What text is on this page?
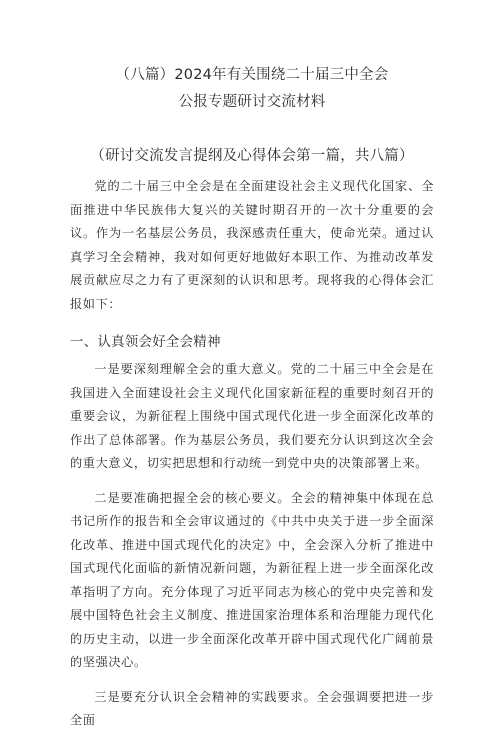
（八篇）2024年有关围绕二十届三中全会
公报专题研讨交流材料
（研讨交流发言提纲及心得体会第一篇，共八篇）

党的二十届三中全会是在全面建设社会主义现代化国家、全面推进中华民族伟大复兴的关键时期召开的一次十分重要的会议。作为一名基层公务员，我深感责任重大，使命光荣。通过认真学习全会精神，我对如何更好地做好本职工作、为推动改革发展贡献应尽之力有了更深刻的认识和思考。现将我的心得体会汇报如下：

一、认真领会好全会精神

一是要深刻理解全会的重大意义。党的二十届三中全会是在我国进入全面建设社会主义现代化国家新征程的重要时刻召开的重要会议，为新征程上围绕中国式现代化进一步全面深化改革的作出了总体部署。作为基层公务员，我们要充分认识到这次全会的重大意义，切实把思想和行动统一到党中央的决策部署上来。

二是要准确把握全会的核心要义。全会的精神集中体现在总书记所作的报告和全会审议通过的《中共中央关于进一步全面深化改革、推进中国式现代化的决定》中，全会深入分析了推进中国式现代化面临的新情况新问题，为新征程上进一步全面深化改革指明了方向。充分体现了习近平同志为核心的党中央完善和发展中国特色社会主义制度、推进国家治理体系和治理能力现代化的历史主动，以进一步全面深化改革开辟中国式现代化广阔前景的坚强决心。

三是要充分认识全会精神的实践要求。全会强调要把进一步全面
